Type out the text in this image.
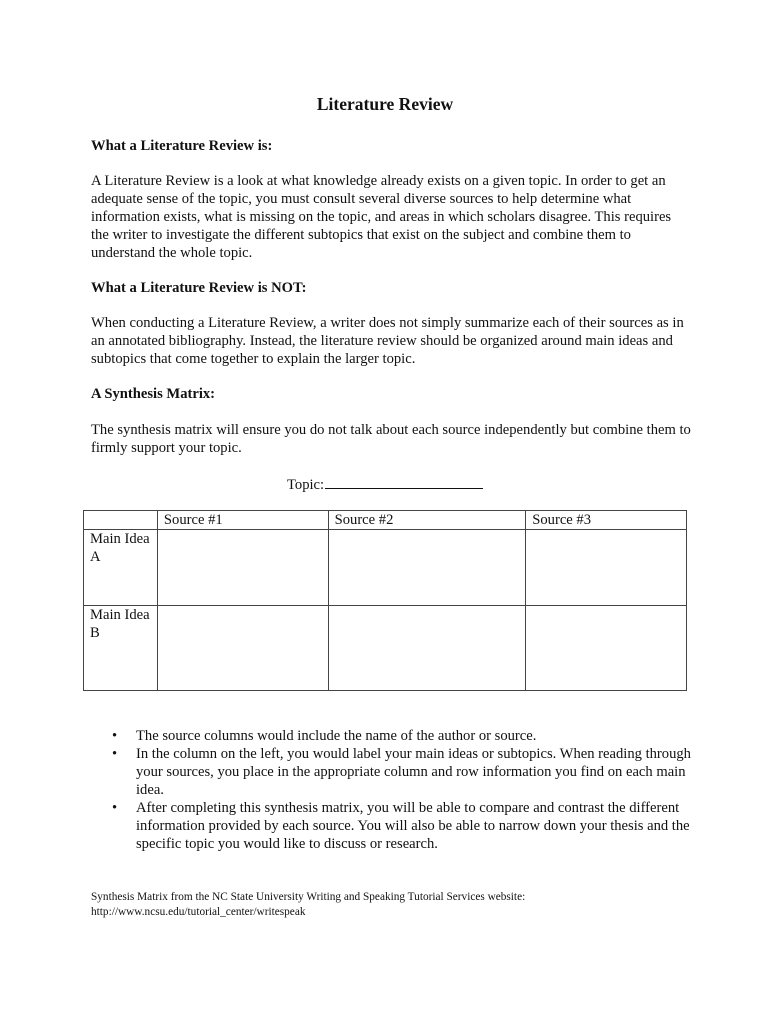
Literature Review
What a Literature Review is:

A Literature Review is a look at what knowledge already exists on a given topic. In order to get an adequate sense of the topic, you must consult several diverse sources to help determine what information exists, what is missing on the topic, and areas in which scholars disagree. This requires the writer to investigate the different subtopics that exist on the subject and combine them to understand the whole topic.

What a Literature Review is NOT:

When conducting a Literature Review, a writer does not simply summarize each of their sources as in an annotated bibliography. Instead, the literature review should be organized around main ideas and subtopics that come together to explain the larger topic.

A Synthesis Matrix:

The synthesis matrix will ensure you do not talk about each source independently but combine them to firmly support your topic.

Topic:
	Source #1	Source #2	Source #3
Main Idea A			
Main Idea B			
• The source columns would include the name of the author or source.
• In the column on the left, you would label your main ideas or subtopics. When reading through your sources, you place in the appropriate column and row information you find on each main idea.
• After completing this synthesis matrix, you will be able to compare and contrast the different information provided by each source. You will also be able to narrow down your thesis and the specific topic you would like to discuss or research.
Synthesis Matrix from the NC State University Writing and Speaking Tutorial Services website:
http://www.ncsu.edu/tutorial_center/writespeak
